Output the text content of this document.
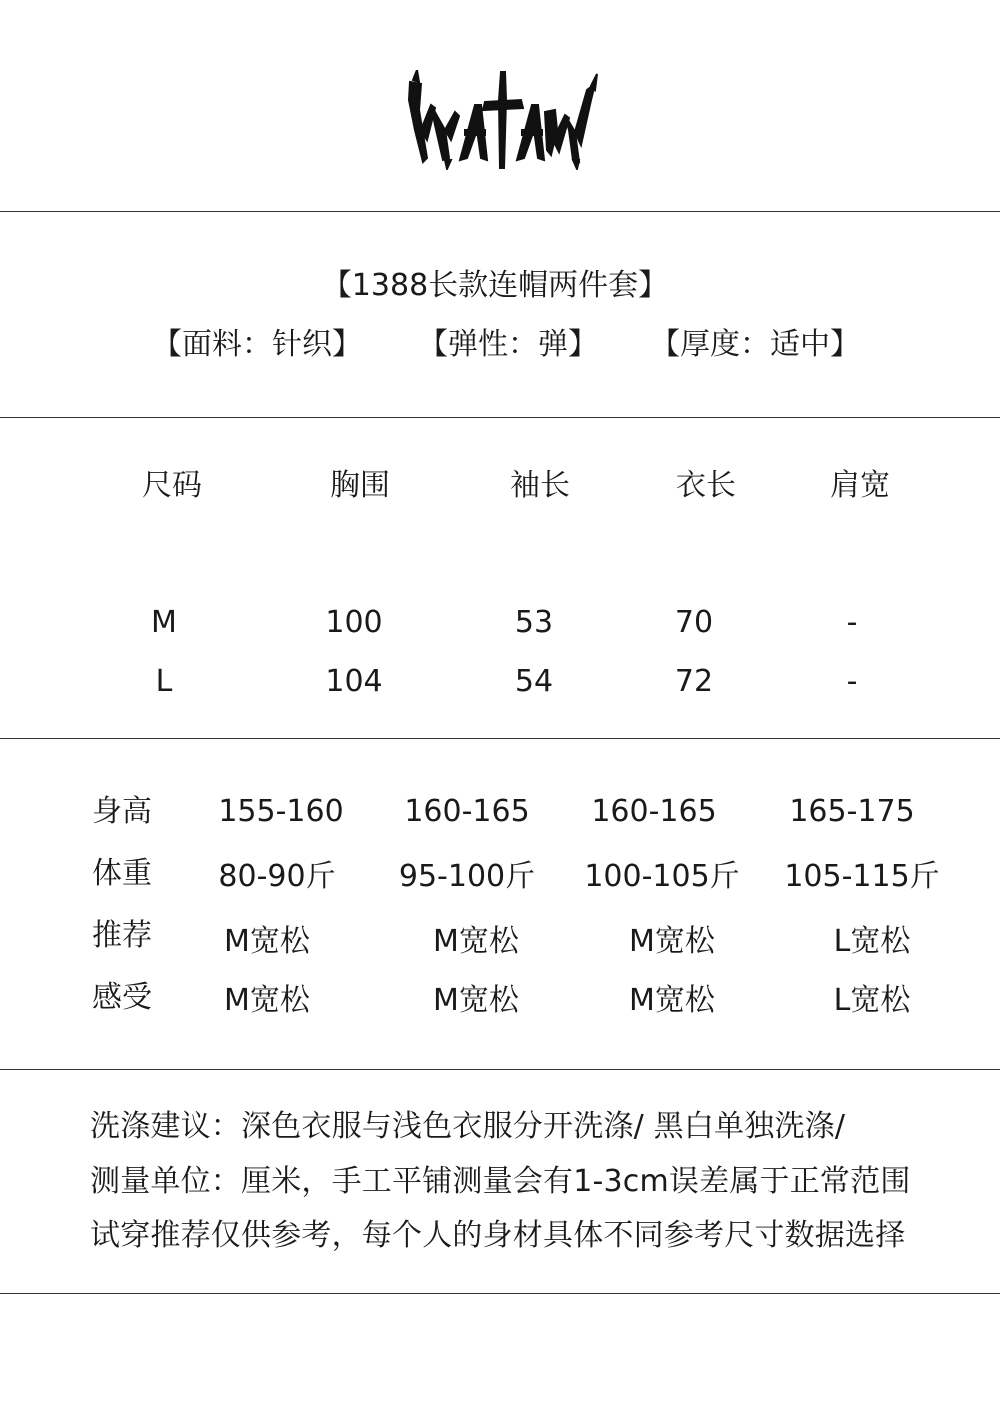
【1388长款连帽两件套】
【面料：针织】 【弹性：弹】 【厚度：适中】
尺码	胸围	袖长	衣长	肩宽
M	100	53	70	-
L	104	54	72	-
身高	155-160	160-165	160-165	165-175
体重	80-90斤	95-100斤	100-105斤	105-115斤
推荐	M宽松	M宽松	M宽松	L宽松
感受	M宽松	M宽松	M宽松	L宽松
洗涤建议：深色衣服与浅色衣服分开洗涤/ 黑白单独洗涤/
测量单位：厘米，手工平铺测量会有1-3cm误差属于正常范围
试穿推荐仅供参考，每个人的身材具体不同参考尺寸数据选择
